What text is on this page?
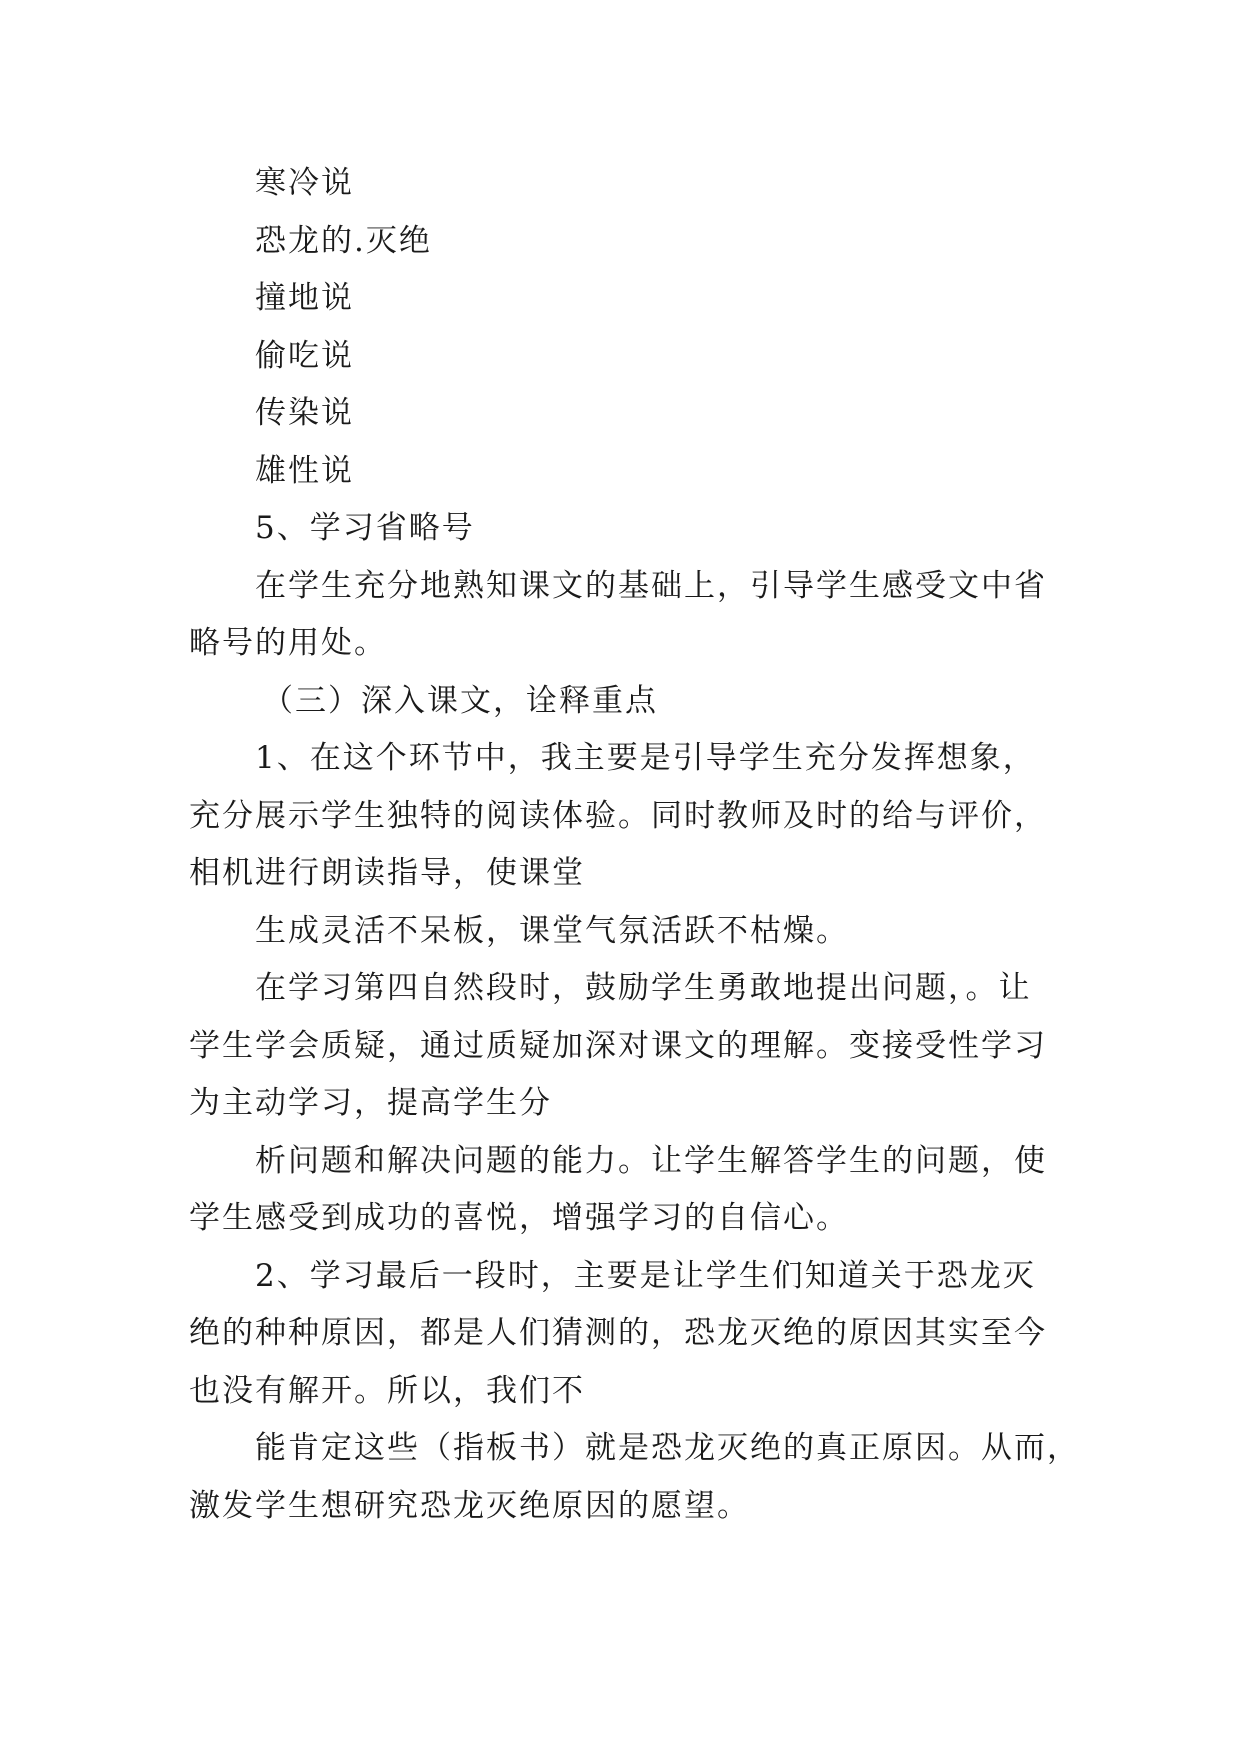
寒冷说
恐龙的.灭绝
撞地说
偷吃说
传染说
雄性说
5、学习省略号
在学生充分地熟知课文的基础上，引导学生感受文中省
略号的用处。
（三）深入课文，诠释重点
1、在这个环节中，我主要是引导学生充分发挥想象，
充分展示学生独特的阅读体验。同时教师及时的给与评价，
相机进行朗读指导，使课堂
生成灵活不呆板，课堂气氛活跃不枯燥。
在学习第四自然段时，鼓励学生勇敢地提出问题，。让
学生学会质疑，通过质疑加深对课文的理解。变接受性学习
为主动学习，提高学生分
析问题和解决问题的能力。让学生解答学生的问题，使
学生感受到成功的喜悦，增强学习的自信心。
2、学习最后一段时，主要是让学生们知道关于恐龙灭
绝的种种原因，都是人们猜测的，恐龙灭绝的原因其实至今
也没有解开。所以，我们不
能肯定这些（指板书）就是恐龙灭绝的真正原因。从而，
激发学生想研究恐龙灭绝原因的愿望。
